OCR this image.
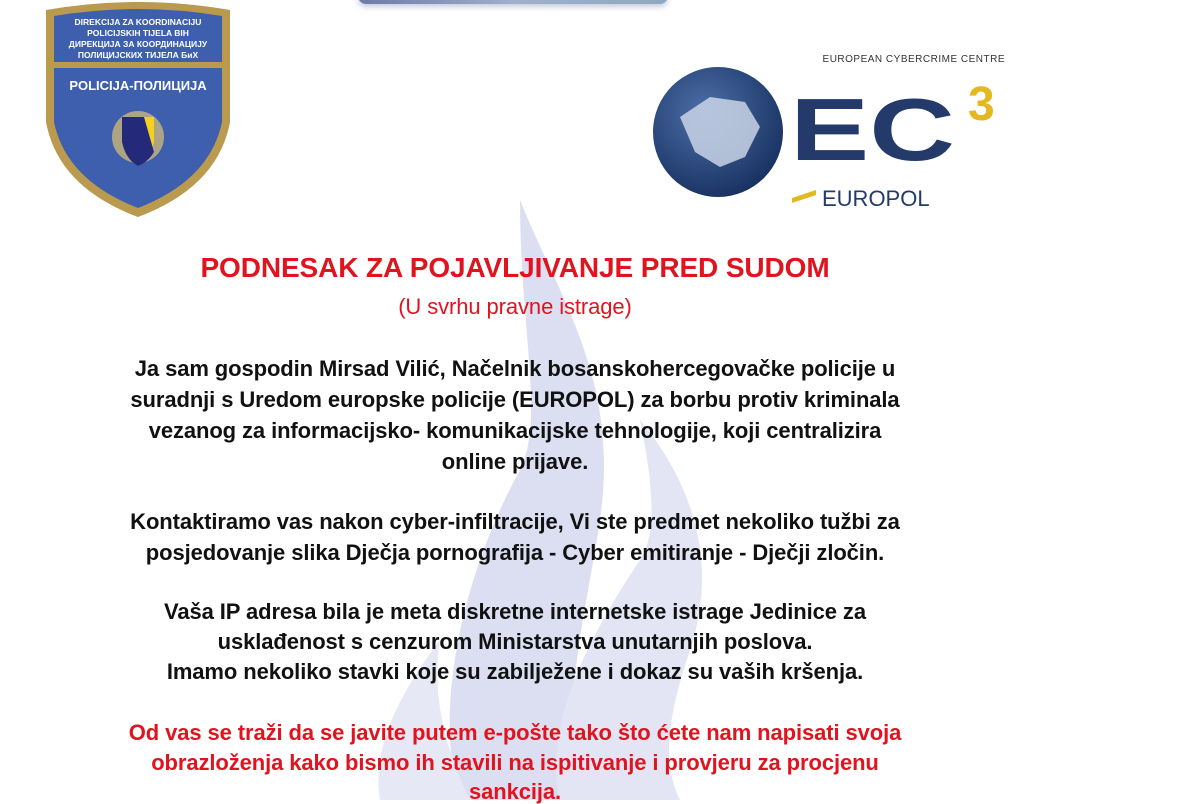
DIREKCIJA ZA KOORDINACIJU
POLICIJSKIH TIJELA BIH
ДИРЕКЦИЈА ЗА КООРДИНАЦИЈУ
ПОЛИЦИЈСКИХ ТИЈЕЛА БиХ
POLICIJA-ПОЛИЦИЈА
EUROPEAN CYBERCRIME CENTRE
EC 3
EUROPOL
PODNESAK ZA POJAVLJIVANJE PRED SUDOM
(U svrhu pravne istrage)
Ja sam gospodin Mirsad Vilić, Načelnik bosanskohercegovačke policije u
suradnji s Uredom europske policije (EUROPOL) za borbu protiv kriminala
vezanog za informacijsko- komunikacijske tehnologije, koji centralizira
online prijave.
Kontaktiramo vas nakon cyber-infiltracije, Vi ste predmet nekoliko tužbi za
posjedovanje slika Dječja pornografija - Cyber emitiranje - Dječji zločin.
Vaša IP adresa bila je meta diskretne internetske istrage Jedinice za
usklađenost s cenzurom Ministarstva unutarnjih poslova.
Imamo nekoliko stavki koje su zabilježene i dokaz su vaših kršenja.
Od vas se traži da se javite putem e-pošte tako što ćete nam napisati svoja
obrazloženja kako bismo ih stavili na ispitivanje i provjeru za procjenu
sankcija.
